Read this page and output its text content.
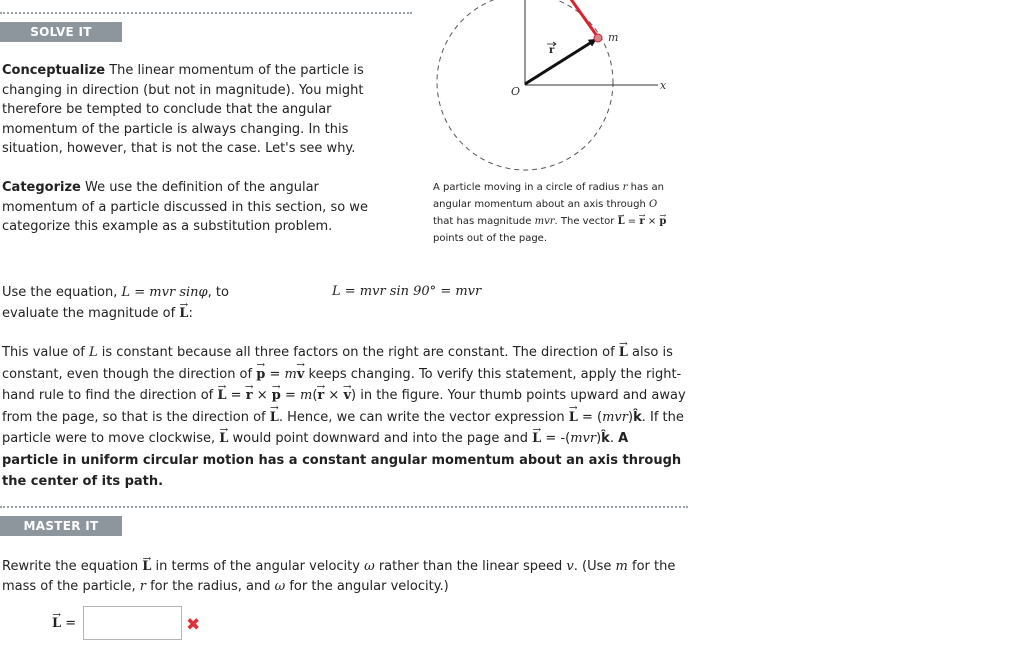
SOLVE IT

Conceptualize The linear momentum of the particle is changing in direction (but not in magnitude). You might therefore be tempted to conclude that the angular momentum of the particle is always changing. In this situation, however, that is not the case. Let's see why.

Categorize We use the definition of the angular momentum of a particle discussed in this section, so we categorize this example as a substitution problem.

m
r
O	x

A particle moving in a circle of radius r has an angular momentum about an axis through O that has magnitude mvr. The vector → L = → r × → p points out of the page.

Use the equation, L = mvr sinφ, to evaluate the magnitude of → L:

L = mvr sin 90° = mvr

This value of L is constant because all three factors on the right are constant. The direction of → L also is constant, even though the direction of → p = m→ v keeps changing. To verify this statement, apply the right-hand rule to find the direction of → L = → r × → p = m(→ r × → v) in the figure. Your thumb points upward and away from the page, so that is the direction of → L. Hence, we can write the vector expression → L = (mvr)k̂. If the particle were to move clockwise, → L would point downward and into the page and → L = -(mvr)k̂. A particle in uniform circular motion has a constant angular momentum about an axis through the center of its path.

MASTER IT

Rewrite the equation → L in terms of the angular velocity ω rather than the linear speed v. (Use m for the mass of the particle, r for the radius, and ω for the angular velocity.)

→ L =	✖
